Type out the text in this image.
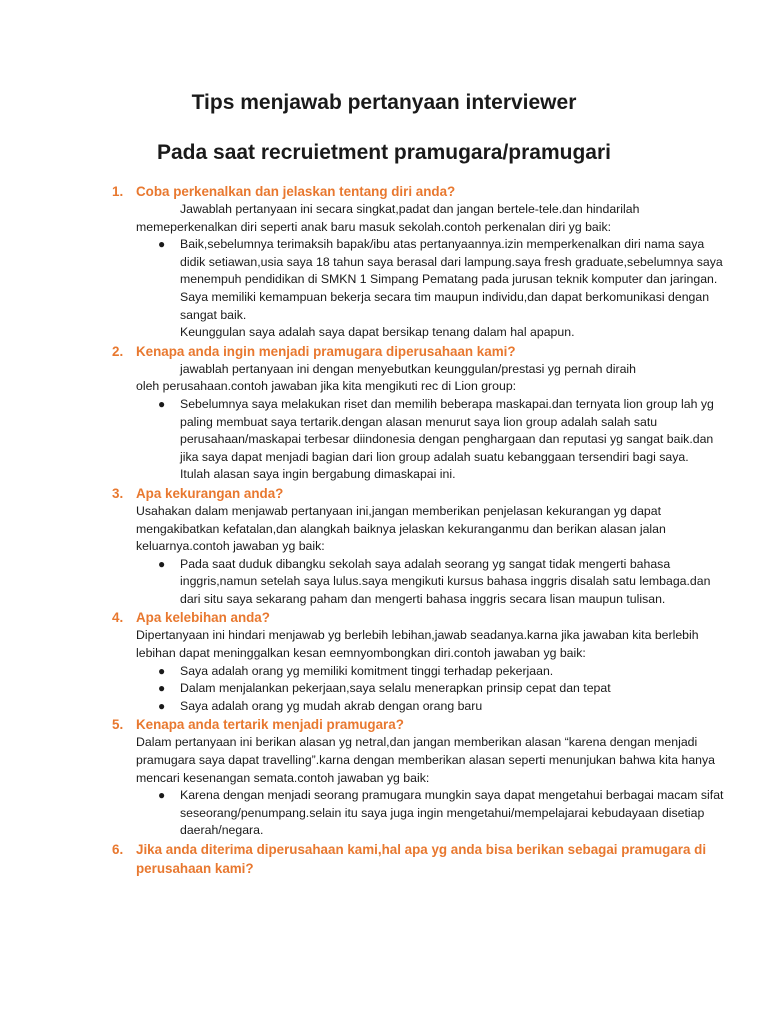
Tips menjawab pertanyaan interviewer
Pada saat recruietment pramugara/pramugari
1. Coba perkenalkan dan jelaskan tentang diri anda?
Jawablah pertanyaan ini secara singkat,padat dan jangan bertele-tele.dan hindarilah
memeperkenalkan diri seperti anak baru masuk sekolah.contoh perkenalan diri yg baik:
● Baik,sebelumnya terimaksih bapak/ibu atas pertanyaannya.izin memperkenalkan diri nama saya didik setiawan,usia saya 18 tahun saya berasal dari lampung.saya fresh graduate,sebelumnya saya menempuh pendidikan di SMKN 1 Simpang Pematang pada jurusan teknik komputer dan jaringan. Saya memiliki kemampuan bekerja secara tim maupun individu,dan dapat berkomunikasi dengan sangat baik.
Keunggulan saya adalah saya dapat bersikap tenang dalam hal apapun.
2. Kenapa anda ingin menjadi pramugara diperusahaan kami?
jawablah pertanyaan ini dengan menyebutkan keunggulan/prestasi yg pernah diraih
oleh perusahaan.contoh jawaban jika kita mengikuti rec di Lion group:
● Sebelumnya saya melakukan riset dan memilih beberapa maskapai.dan ternyata lion group lah yg paling membuat saya tertarik.dengan alasan menurut saya lion group adalah salah satu perusahaan/maskapai terbesar diindonesia dengan penghargaan dan reputasi yg sangat baik.dan jika saya dapat menjadi bagian dari lion group adalah suatu kebanggaan tersendiri bagi saya.
Itulah alasan saya ingin bergabung dimaskapai ini.
3. Apa kekurangan anda?
Usahakan dalam menjawab pertanyaan ini,jangan memberikan penjelasan kekurangan yg dapat mengakibatkan kefatalan,dan alangkah baiknya jelaskan kekuranganmu dan berikan alasan jalan keluarnya.contoh jawaban yg baik:
● Pada saat duduk dibangku sekolah saya adalah seorang yg sangat tidak mengerti bahasa inggris,namun setelah saya lulus.saya mengikuti kursus bahasa inggris disalah satu lembaga.dan dari situ saya sekarang paham dan mengerti bahasa inggris secara lisan maupun tulisan.
4. Apa kelebihan anda?
Dipertanyaan ini hindari menjawab yg berlebih lebihan,jawab seadanya.karna jika jawaban kita berlebih lebihan dapat meninggalkan kesan eemnyombongkan diri.contoh jawaban yg baik:
● Saya adalah orang yg memiliki komitment tinggi terhadap pekerjaan.
● Dalam menjalankan pekerjaan,saya selalu menerapkan prinsip cepat dan tepat
● Saya adalah orang yg mudah akrab dengan orang baru
5. Kenapa anda tertarik menjadi pramugara?
Dalam pertanyaan ini berikan alasan yg netral,dan jangan memberikan alasan “karena dengan menjadi pramugara saya dapat travelling”.karna dengan memberikan alasan seperti menunjukan bahwa kita hanya mencari kesenangan semata.contoh jawaban yg baik:
● Karena dengan menjadi seorang pramugara mungkin saya dapat mengetahui berbagai macam sifat seseorang/penumpang.selain itu saya juga ingin mengetahui/mempelajarai kebudayaan disetiap daerah/negara.
6. Jika anda diterima diperusahaan kami,hal apa yg anda bisa berikan sebagai pramugara di perusahaan kami?
